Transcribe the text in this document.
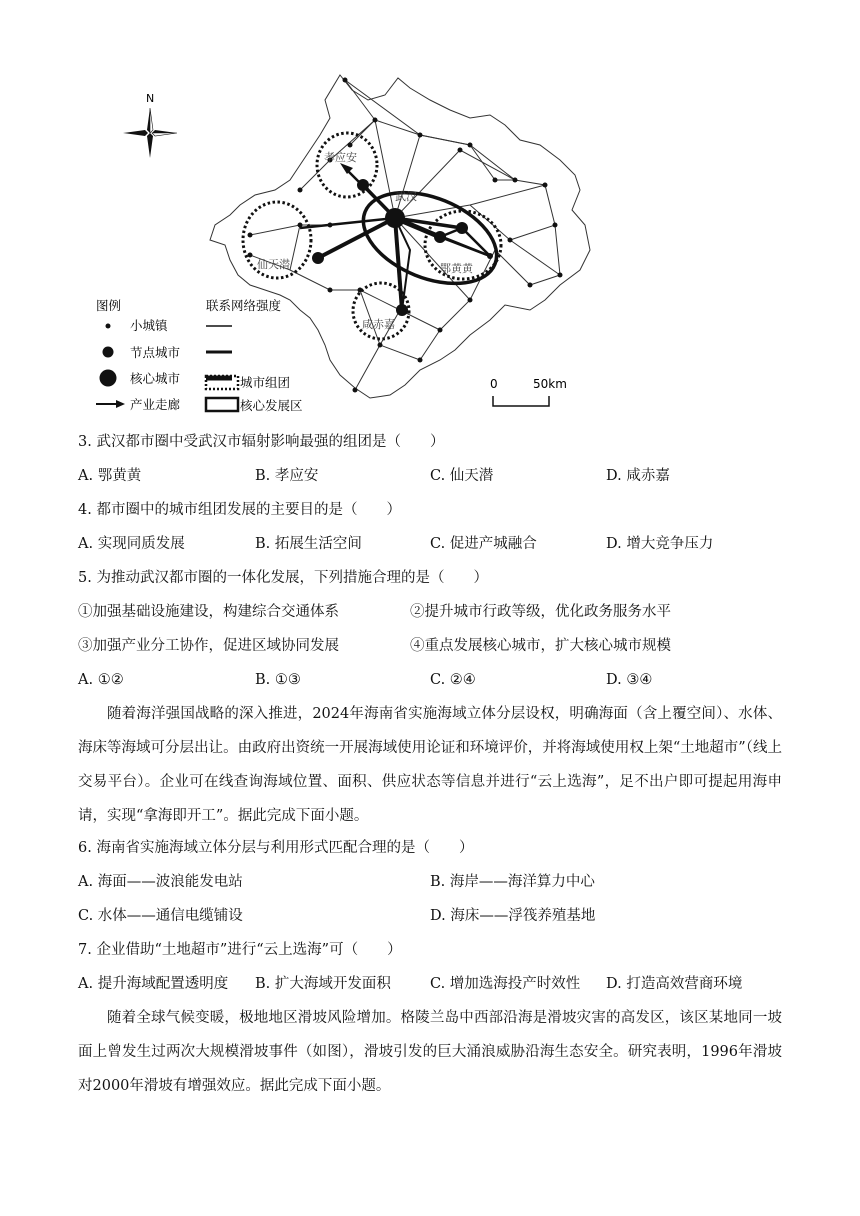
孝应安
武汉
仙天潜	鄂黄黄
咸赤嘉
N
图例	联系网络强度
小城镇
节点城市
核心城市
产业走廊
城市组团
核心发展区
0	50km
3. 武汉都市圈中受武汉市辐射影响最强的组团是（　　）
A. 鄂黄黄	B. 孝应安	C. 仙天潜	D. 咸赤嘉
4. 都市圈中的城市组团发展的主要目的是（　　）
A. 实现同质发展	B. 拓展生活空间	C. 促进产城融合	D. 增大竞争压力
5. 为推动武汉都市圈的一体化发展，下列措施合理的是（　　）
①加强基础设施建设，构建综合交通体系	②提升城市行政等级，优化政务服务水平
③加强产业分工协作，促进区域协同发展	④重点发展核心城市，扩大核心城市规模
A. ①②	B. ①③	C. ②④	D. ③④
随着海洋强国战略的深入推进，2024年海南省实施海域立体分层设权，明确海面（含上覆空间）、水体、海床等海域可分层出让。由政府出资统一开展海域使用论证和环境评价，并将海域使用权上架“土地超市”（线上交易平台）。企业可在线查询海域位置、面积、供应状态等信息并进行“云上选海”，足不出户即可提起用海申请，实现“拿海即开工”。据此完成下面小题。
6. 海南省实施海域立体分层与利用形式匹配合理的是（　　）
A. 海面——波浪能发电站	B. 海岸——海洋算力中心
C. 水体——通信电缆铺设	D. 海床——浮筏养殖基地
7. 企业借助“土地超市”进行“云上选海”可（　　）
A. 提升海域配置透明度 B. 扩大海域开发面积	C. 增加选海投产时效性 D. 打造高效营商环境
随着全球气候变暖，极地地区滑坡风险增加。格陵兰岛中西部沿海是滑坡灾害的高发区，该区某地同一坡面上曾发生过两次大规模滑坡事件（如图），滑坡引发的巨大涌浪威胁沿海生态安全。研究表明，1996年滑坡对2000年滑坡有增强效应。据此完成下面小题。
